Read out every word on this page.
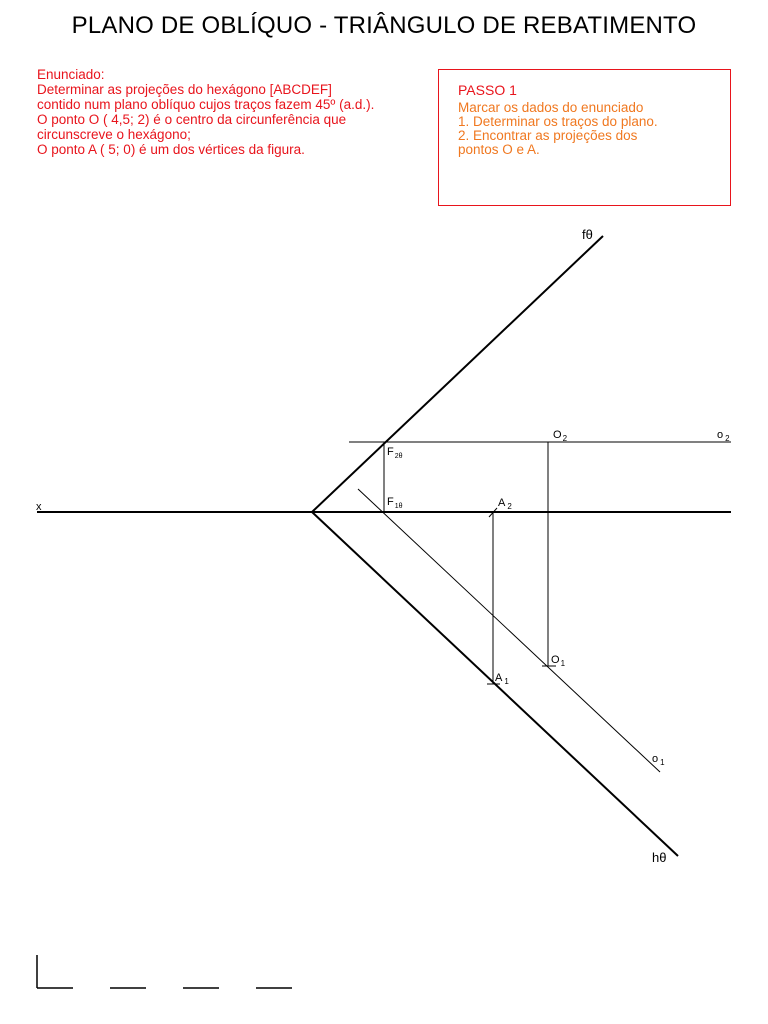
PLANO DE OBLÍQUO - TRIÂNGULO DE REBATIMENTO
Enunciado:
Determinar as projeções do hexágono [ABCDEF]
contido num plano oblíquo cujos traços fazem 45º (a.d.).
O ponto O ( 4,5; 2) é o centro da circunferência que
circunscreve o hexágono;
O ponto A ( 5; 0) é um dos vértices da figura.
PASSO 1
Marcar os dados do enunciado
1. Determinar os traços do plano.
2. Encontrar as projeções dos
pontos O e A.
x
fθ
hθ
o $_2$
o $_1$
$F_{2\theta}$
$F_{1\theta}$
$O_2$
$O_1$
A $_2$
A $_1$
